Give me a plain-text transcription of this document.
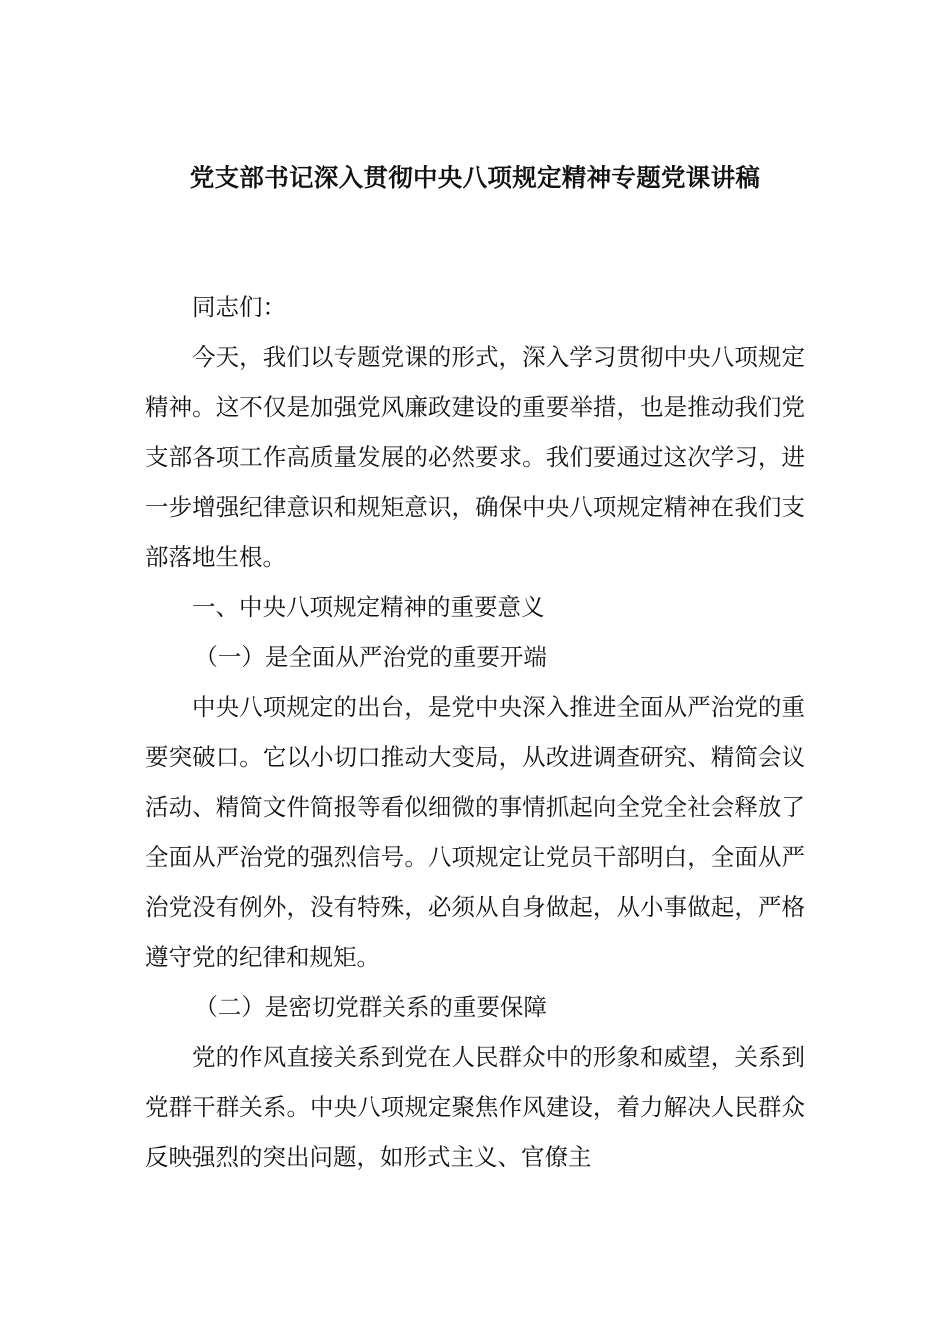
党支部书记深入贯彻中央八项规定精神专题党课讲稿

同志们：

今天，我们以专题党课的形式，深入学习贯彻中央八项规定精神。这不仅是加强党风廉政建设的重要举措，也是推动我们党支部各项工作高质量发展的必然要求。我们要通过这次学习，进一步增强纪律意识和规矩意识，确保中央八项规定精神在我们支部落地生根。

一、中央八项规定精神的重要意义

（一）是全面从严治党的重要开端

中央八项规定的出台，是党中央深入推进全面从严治党的重要突破口。它以小切口推动大变局，从改进调查研究、精简会议活动、精简文件简报等看似细微的事情抓起向全党全社会释放了全面从严治党的强烈信号。八项规定让党员干部明白，全面从严治党没有例外，没有特殊，必须从自身做起，从小事做起，严格遵守党的纪律和规矩。

（二）是密切党群关系的重要保障

党的作风直接关系到党在人民群众中的形象和威望，关系到党群干群关系。中央八项规定聚焦作风建设，着力解决人民群众反映强烈的突出问题，如形式主义、官僚主
